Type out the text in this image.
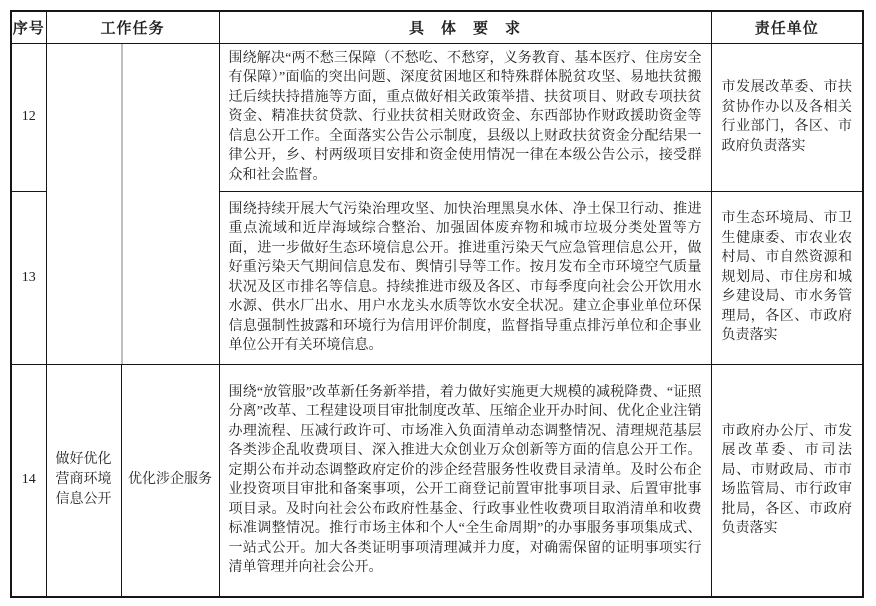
序号	工作任务		具　体　要　求	责任单位
12			围绕解决“两不愁三保障（不愁吃、不愁穿，义务教育、基本医疗、住房安全有保障）”面临的突出问题、深度贫困地区和特殊群体脱贫攻坚、易地扶贫搬迁后续扶持措施等方面，重点做好相关政策举措、扶贫项目、财政专项扶贫资金、精准扶贫贷款、行业扶贫相关财政资金、东西部协作财政援助资金等信息公开工作。全面落实公告公示制度，县级以上财政扶贫资金分配结果一律公开，乡、村两级项目安排和资金使用情况一律在本级公告公示，接受群众和社会监督。	市发展改革委、市扶贫协作办以及各相关行业部门，各区、市政府负责落实
13			围绕持续开展大气污染治理攻坚、加快治理黑臭水体、净土保卫行动、推进重点流域和近岸海域综合整治、加强固体废弃物和城市垃圾分类处置等方面，进一步做好生态环境信息公开。推进重污染天气应急管理信息公开，做好重污染天气期间信息发布、舆情引导等工作。按月发布全市环境空气质量状况及区市排名等信息。持续推进市级及各区、市每季度向社会公开饮用水水源、供水厂出水、用户水龙头水质等饮水安全状况。建立企事业单位环保信息强制性披露和环境行为信用评价制度，监督指导重点排污单位和企事业单位公开有关环境信息。	市生态环境局、市卫生健康委、市农业农村局、市自然资源和规划局、市住房和城乡建设局、市水务管理局，各区、市政府负责落实
14	做好优化营商环境信息公开	优化涉企服务	围绕“放管服”改革新任务新举措，着力做好实施更大规模的减税降费、“证照分离”改革、工程建设项目审批制度改革、压缩企业开办时间、优化企业注销办理流程、压减行政许可、市场准入负面清单动态调整情况、清理规范基层各类涉企乱收费项目、深入推进大众创业万众创新等方面的信息公开工作。定期公布并动态调整政府定价的涉企经营服务性收费目录清单。及时公布企业投资项目审批和备案事项，公开工商登记前置审批事项目录、后置审批事项目录。及时向社会公布政府性基金、行政事业性收费项目取消清单和收费标准调整情况。推行市场主体和个人“全生命周期”的办事服务事项集成式、一站式公开。加大各类证明事项清理减并力度，对确需保留的证明事项实行清单管理并向社会公开。	市政府办公厅、市发展改革委、市司法局、市财政局、市市场监管局、市行政审批局，各区、市政府负责落实
